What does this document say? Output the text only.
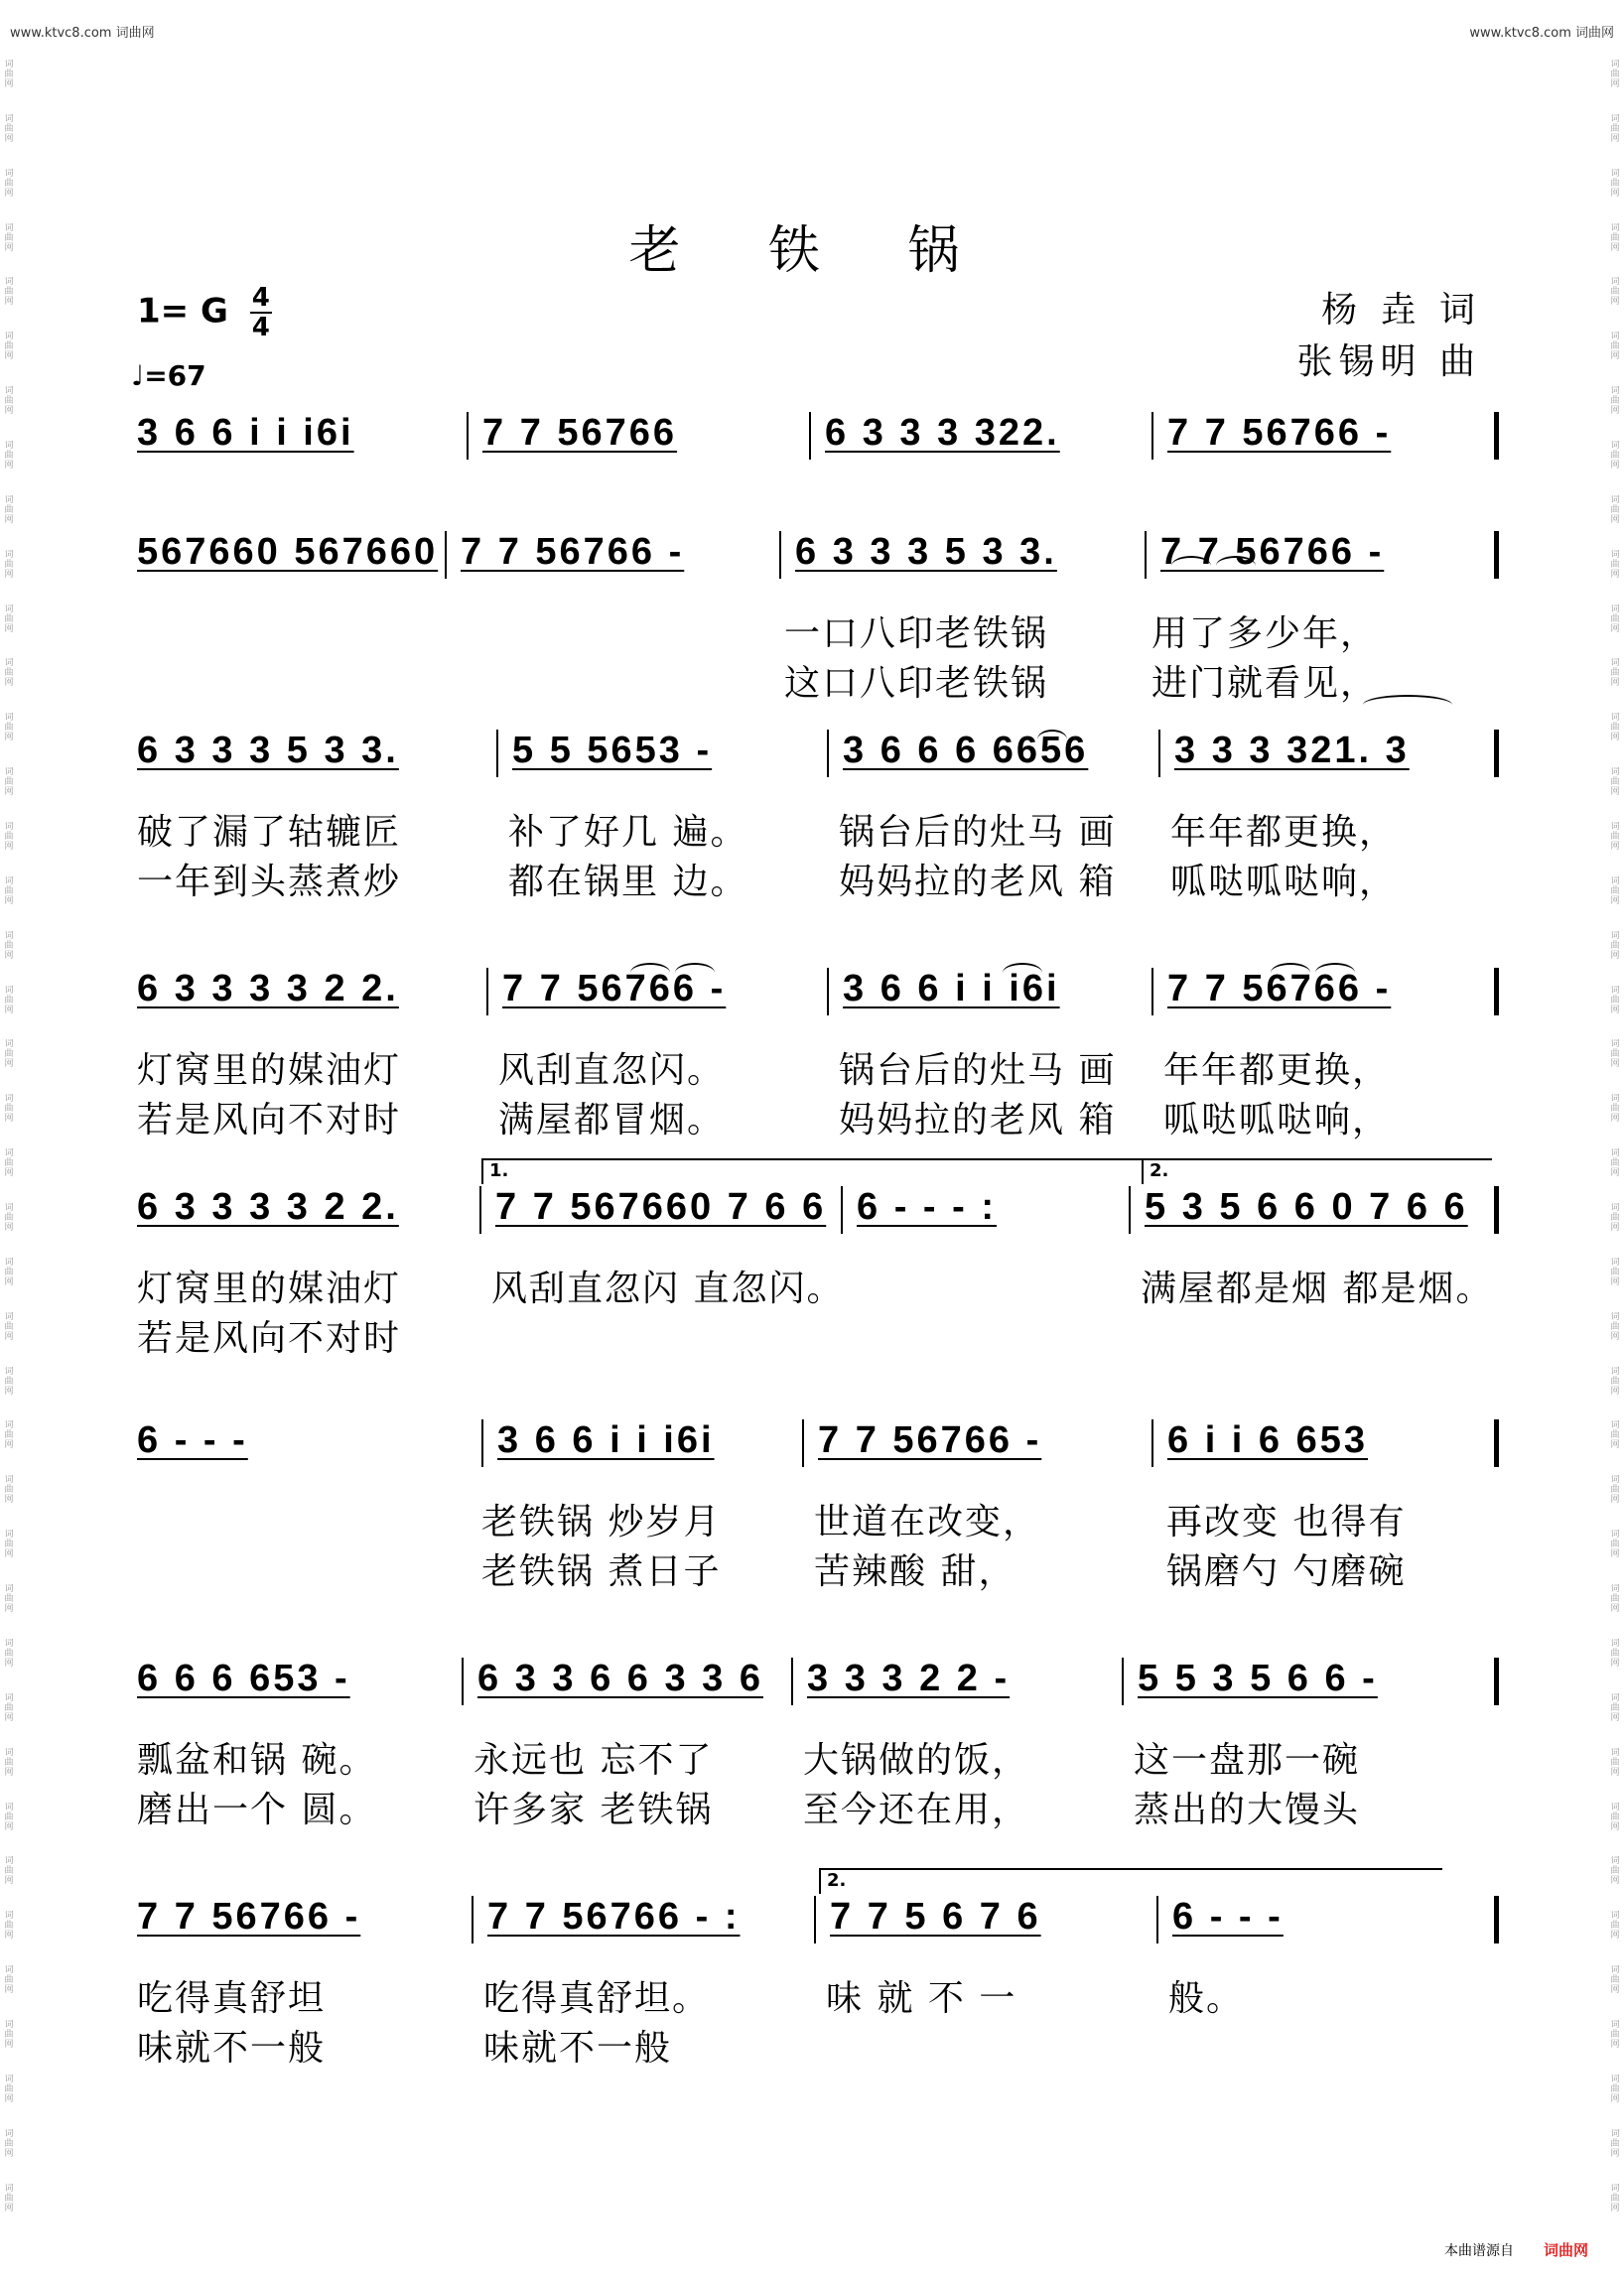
www.ktvc8.com 词曲网	www.ktvc8.com 词曲网
词
曲
网
词
曲
网
词
曲
网
词
曲
网
词
曲
网
词
曲
网
词
曲
网
词
曲
网
词
曲
网
词
曲
网
词
曲
网
词
曲
网
词
曲
网
词
曲
网
词
曲
网
词
曲
网
词
曲
网
词
曲
网
词
曲
网
词
曲
网
词
曲
网
词
曲
网
词
曲
网
词
曲
网
词
曲
网
词
曲
网
词
曲
网
词
曲
网
词
曲
网
词
曲
网
词
曲
网
词
曲
网
词
曲
网
词
曲
网
词
曲
网
词
曲
网
词
曲
网
词
曲
网
词
曲
网
词
曲
网
词
曲
网
词
曲
网
词
曲
网
词
曲
网
词
曲
网
词
曲
网
词
曲
网
词
曲
网
词
曲
网
词
曲
网
词
曲
网
词
曲
网
词
曲
网
词
曲
网
词
曲
网
词
曲
网
词
曲
网
词
曲
网
词
曲
网
词
曲
网
词
曲
网
词
曲
网
词
曲
网
词
曲
网
词
曲
网
词
曲
网
词
曲
网
词
曲
网
词
曲
网
词
曲
网
词
曲
网
词
曲
网
词
曲
网
词
曲
网
词
曲
网
词
曲
网
词
曲
网
词
曲
网
词
曲
网
词
曲
网
老 铁 锅
1= G $\frac{4}{4}$
♩=67
杨 垚 词
张锡明 曲
3 6 6 i i i6i	7 7 56766	6 3 3 3 322.	7 7 56766 -
567660 567660 7 7 56766 -	6 3 3 3 5 3 3.	7 7 56766 -
一口八印老铁锅	用了多少年，
这口八印老铁锅	进门就看见，
6 3 3 3 5 3 3.	5 5 5653 -	3 6 6 6 6656 3 3 3 321. 3
破了漏了轱辘匠	补了好几 遍。	锅台后的灶马 画 年年都更换，
一年到头蒸煮炒	都在锅里 边。	妈妈拉的老风 箱 呱哒呱哒响，
6 3 3 3 3 2 2.	7 7 56766 -	3 6 6 i i i6i	7 7 56766 -
灯窝里的媒油灯	风刮直忽闪。	锅台后的灶马 画 年年都更换，
若是风向不对时	满屋都冒烟。	妈妈拉的老风 箱 呱哒呱哒响，
6 3 3 3 3 2 2.	7 7 567660 7 6 6 6 - - - :	5 3 5 6 6 0 7 6 6
1.	2.
灯窝里的媒油灯	风刮直忽闪 直忽闪。	满屋都是烟 都是烟。
若是风向不对时
6 - - -	3 6 6 i i i6i	7 7 56766 -	6 i i 6 653
老铁锅 炒岁月	世道在改变，	再改变 也得有
老铁锅 煮日子	苦辣酸 甜，	锅磨勺 勺磨碗
6 6 6 653 -	6 3 3 6 6 3 3 6 3 3 3 2 2 -	5 5 3 5 6 6 -
瓢盆和锅 碗。	永远也 忘不了	大锅做的饭，	这一盘那一碗
磨出一个 圆。	许多家 老铁锅	至今还在用，	蒸出的大馒头
7 7 56766 -	7 7 56766 - : 7 7 5 6 7 6	6 - - -
2.
吃得真舒坦	吃得真舒坦。	味 就 不 一	般。
味就不一般	味就不一般
本曲谱源自 词曲网
